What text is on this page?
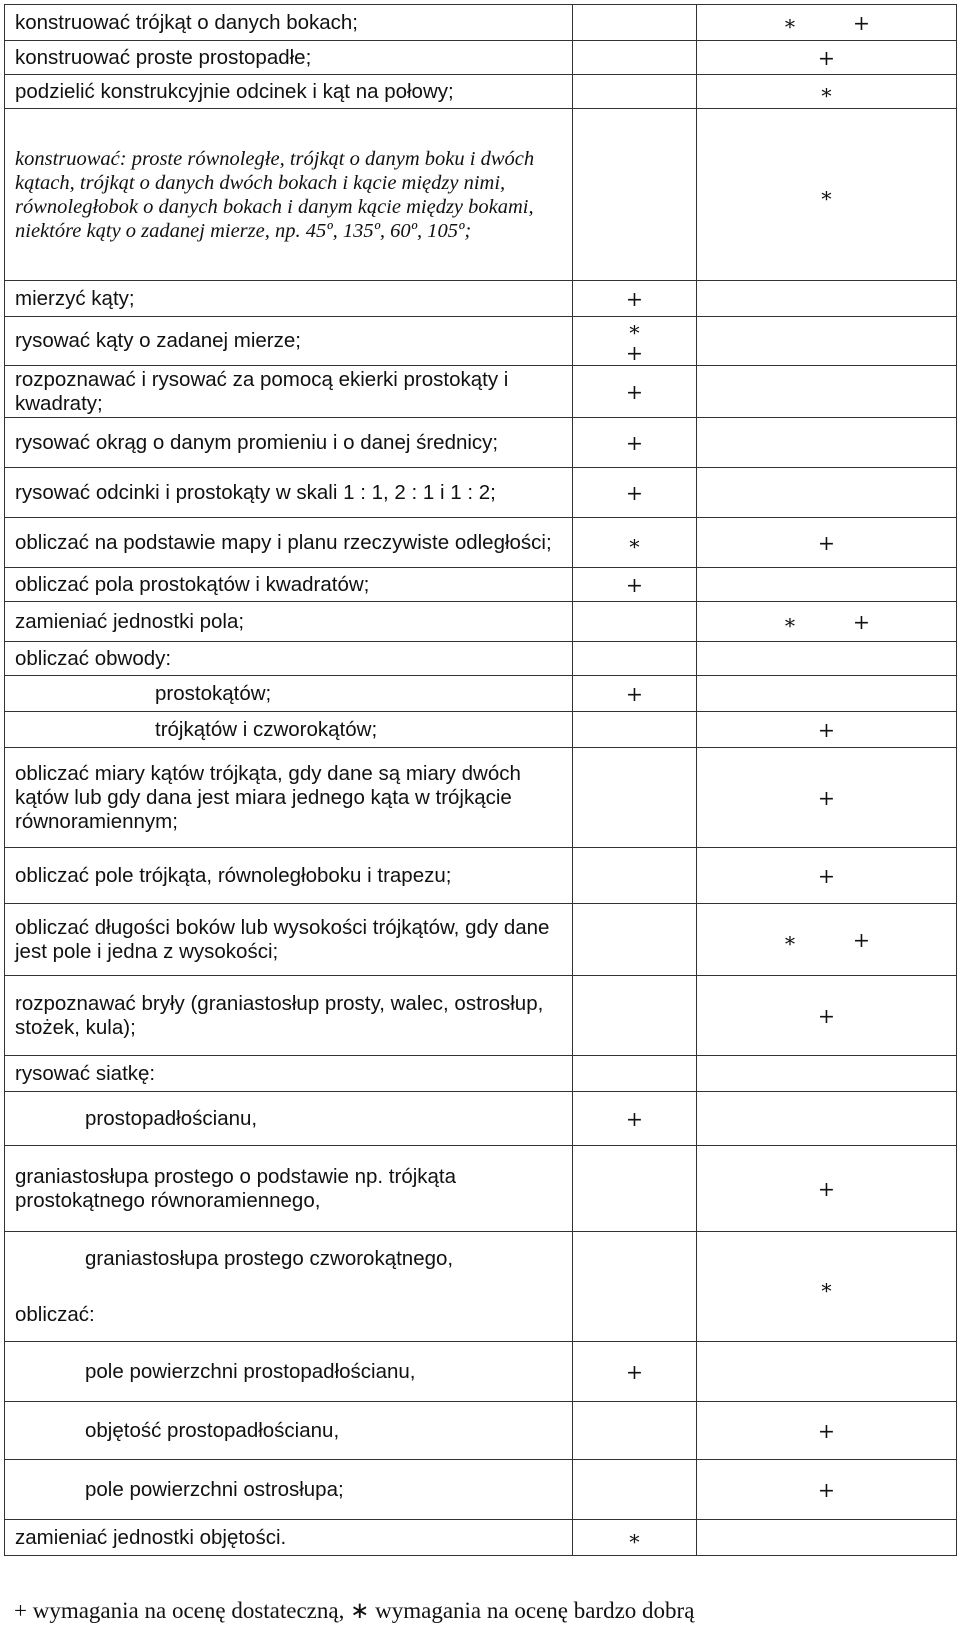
konstruować trójkąt o danych bokach;		∗ +
konstruować proste prostopadłe;		+
podzielić konstrukcyjnie odcinek i kąt na połowy;		∗
konstruować: proste równoległe, trójkąt o danym boku i dwóch kątach, trójkąt o danych dwóch bokach i kącie między nimi, równoległobok o danych bokach i danym kącie między bokami, niektóre kąty o zadanej mierze, np. 45º, 135º, 60º, 105º;		∗
mierzyć kąty;	+	
rysować kąty o zadanej mierze;	∗+	
rozpoznawać i rysować za pomocą ekierki prostokąty i kwadraty;	+	
rysować okrąg o danym promieniu i o danej średnicy;	+	
rysować odcinki i prostokąty w skali 1 : 1, 2 : 1 i 1 : 2;	+	
obliczać na podstawie mapy i planu rzeczywiste odległości;	∗	+
obliczać pola prostokątów i kwadratów;	+	
zamieniać jednostki pola;		∗ +
obliczać obwody:		
prostokątów;	+	
trójkątów i czworokątów;		+
obliczać miary kątów trójkąta, gdy dane są miary dwóch kątów lub gdy dana jest miara jednego kąta w trójkącie równoramiennym;		+
obliczać pole trójkąta, równoległoboku i trapezu;		+
obliczać długości boków lub wysokości trójkątów, gdy dane jest pole i jedna z wysokości;		∗ +
rozpoznawać bryły (graniastosłup prosty, walec, ostrosłup, stożek, kula);		+
rysować siatkę:		

prostopadłościanu,	+	
graniastosłupa prostego o podstawie np. trójkąta prostokątnego równoramiennego,		+

graniastosłupa prostego czworokątnego,
obliczać:		∗

pole powierzchni prostopadłościanu,	+	

objętość prostopadłościanu,		+

pole powierzchni ostrosłupa;		+
zamieniać jednostki objętości.	∗	
+ wymagania na ocenę dostateczną, ∗ wymagania na ocenę bardzo dobrą
